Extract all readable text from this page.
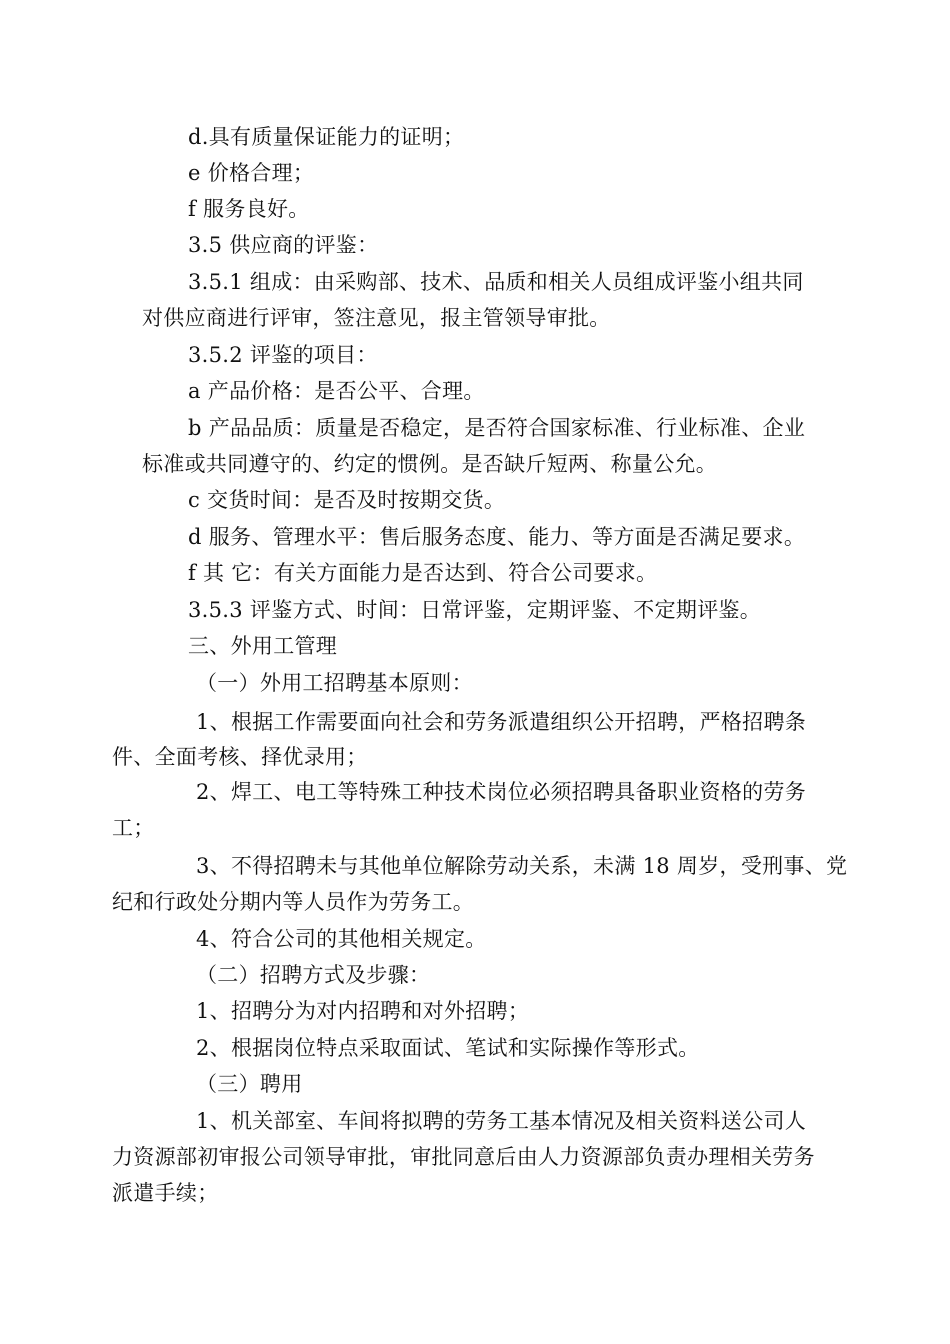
d.具有质量保证能力的证明；
e 价格合理；
f 服务良好。
3.5 供应商的评鉴：
3.5.1 组成：由采购部、技术、品质和相关人员组成评鉴小组共同
对供应商进行评审，签注意见，报主管领导审批。
3.5.2 评鉴的项目：
a 产品价格：是否公平、合理。
b 产品品质：质量是否稳定，是否符合国家标准、行业标准、企业
标准或共同遵守的、约定的惯例。是否缺斤短两、称量公允。
c 交货时间：是否及时按期交货。
d 服务、管理水平：售后服务态度、能力、等方面是否满足要求。
f 其 它：有关方面能力是否达到、符合公司要求。
3.5.3 评鉴方式、时间：日常评鉴，定期评鉴、不定期评鉴。
三、外用工管理
（一）外用工招聘基本原则：
1、根据工作需要面向社会和劳务派遣组织公开招聘，严格招聘条
件、全面考核、择优录用；
2、焊工、电工等特殊工种技术岗位必须招聘具备职业资格的劳务
工；
3、不得招聘未与其他单位解除劳动关系，未满 18 周岁，受刑事、党
纪和行政处分期内等人员作为劳务工。
4、符合公司的其他相关规定。
（二）招聘方式及步骤：
1、招聘分为对内招聘和对外招聘；
2、根据岗位特点采取面试、笔试和实际操作等形式。
（三）聘用
1、机关部室、车间将拟聘的劳务工基本情况及相关资料送公司人
力资源部初审报公司领导审批，审批同意后由人力资源部负责办理相关劳务
派遣手续；
